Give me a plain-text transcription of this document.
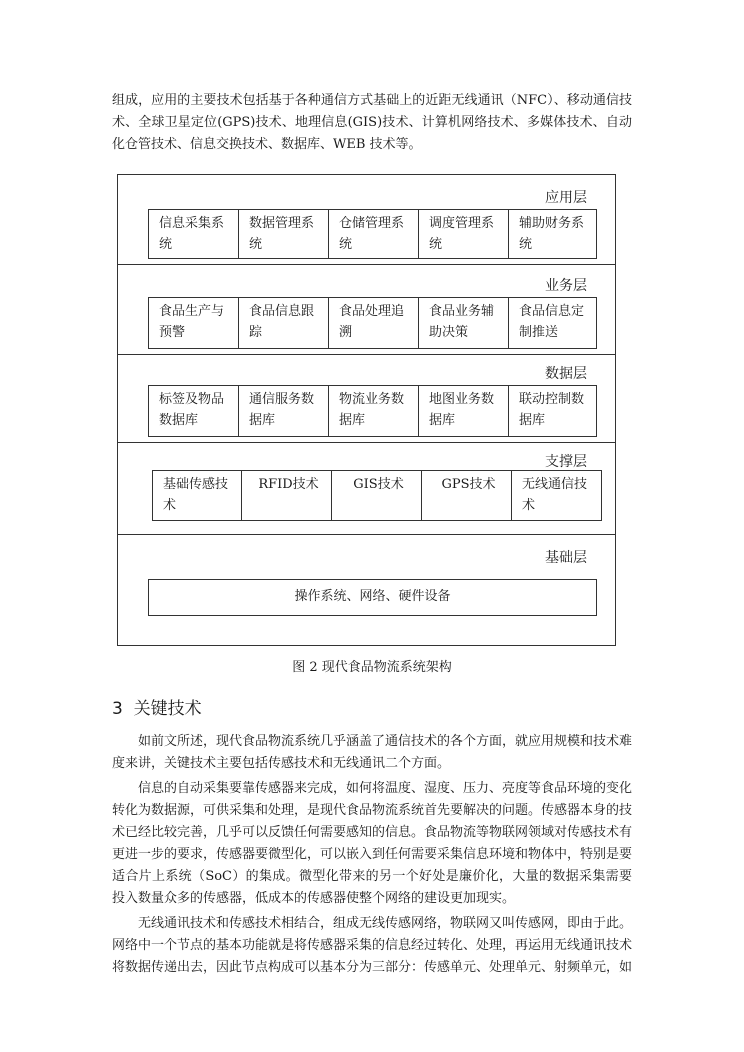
组成，应用的主要技术包括基于各种通信方式基础上的近距无线通讯（NFC）、移动通信技术、全球卫星定位(GPS)技术、地理信息(GIS)技术、计算机网络技术、多媒体技术、自动化仓管技术、信息交换技术、数据库、WEB 技术等。

应用层
信息采集系统
数据管理系统
仓储管理系统
调度管理系统
辅助财务系统
业务层
食品生产与预警
食品信息跟踪
食品处理追溯
食品业务辅助决策
食品信息定制推送
数据层
标签及物品数据库
通信服务数据库
物流业务数据库
地图业务数据库
联动控制数据库
支撑层
基础传感技术
RFID技术	GIS技术	GPS技术	无线通信技术
基础层
操作系统、网络、硬件设备
图 2 现代食品物流系统架构
3 关键技术

如前文所述，现代食品物流系统几乎涵盖了通信技术的各个方面，就应用规模和技术难度来讲，关键技术主要包括传感技术和无线通讯二个方面。

信息的自动采集要靠传感器来完成，如何将温度、湿度、压力、亮度等食品环境的变化转化为数据源，可供采集和处理，是现代食品物流系统首先要解决的问题。传感器本身的技术已经比较完善，几乎可以反馈任何需要感知的信息。食品物流等物联网领域对传感技术有更进一步的要求，传感器要微型化，可以嵌入到任何需要采集信息环境和物体中，特别是要适合片上系统（SoC）的集成。微型化带来的另一个好处是廉价化，大量的数据采集需要投入数量众多的传感器，低成本的传感器使整个网络的建设更加现实。

无线通讯技术和传感技术相结合，组成无线传感网络，物联网又叫传感网，即由于此。网络中一个节点的基本功能就是将传感器采集的信息经过转化、处理，再运用无线通讯技术将数据传递出去，因此节点构成可以基本分为三部分：传感单元、处理单元、射频单元，如
